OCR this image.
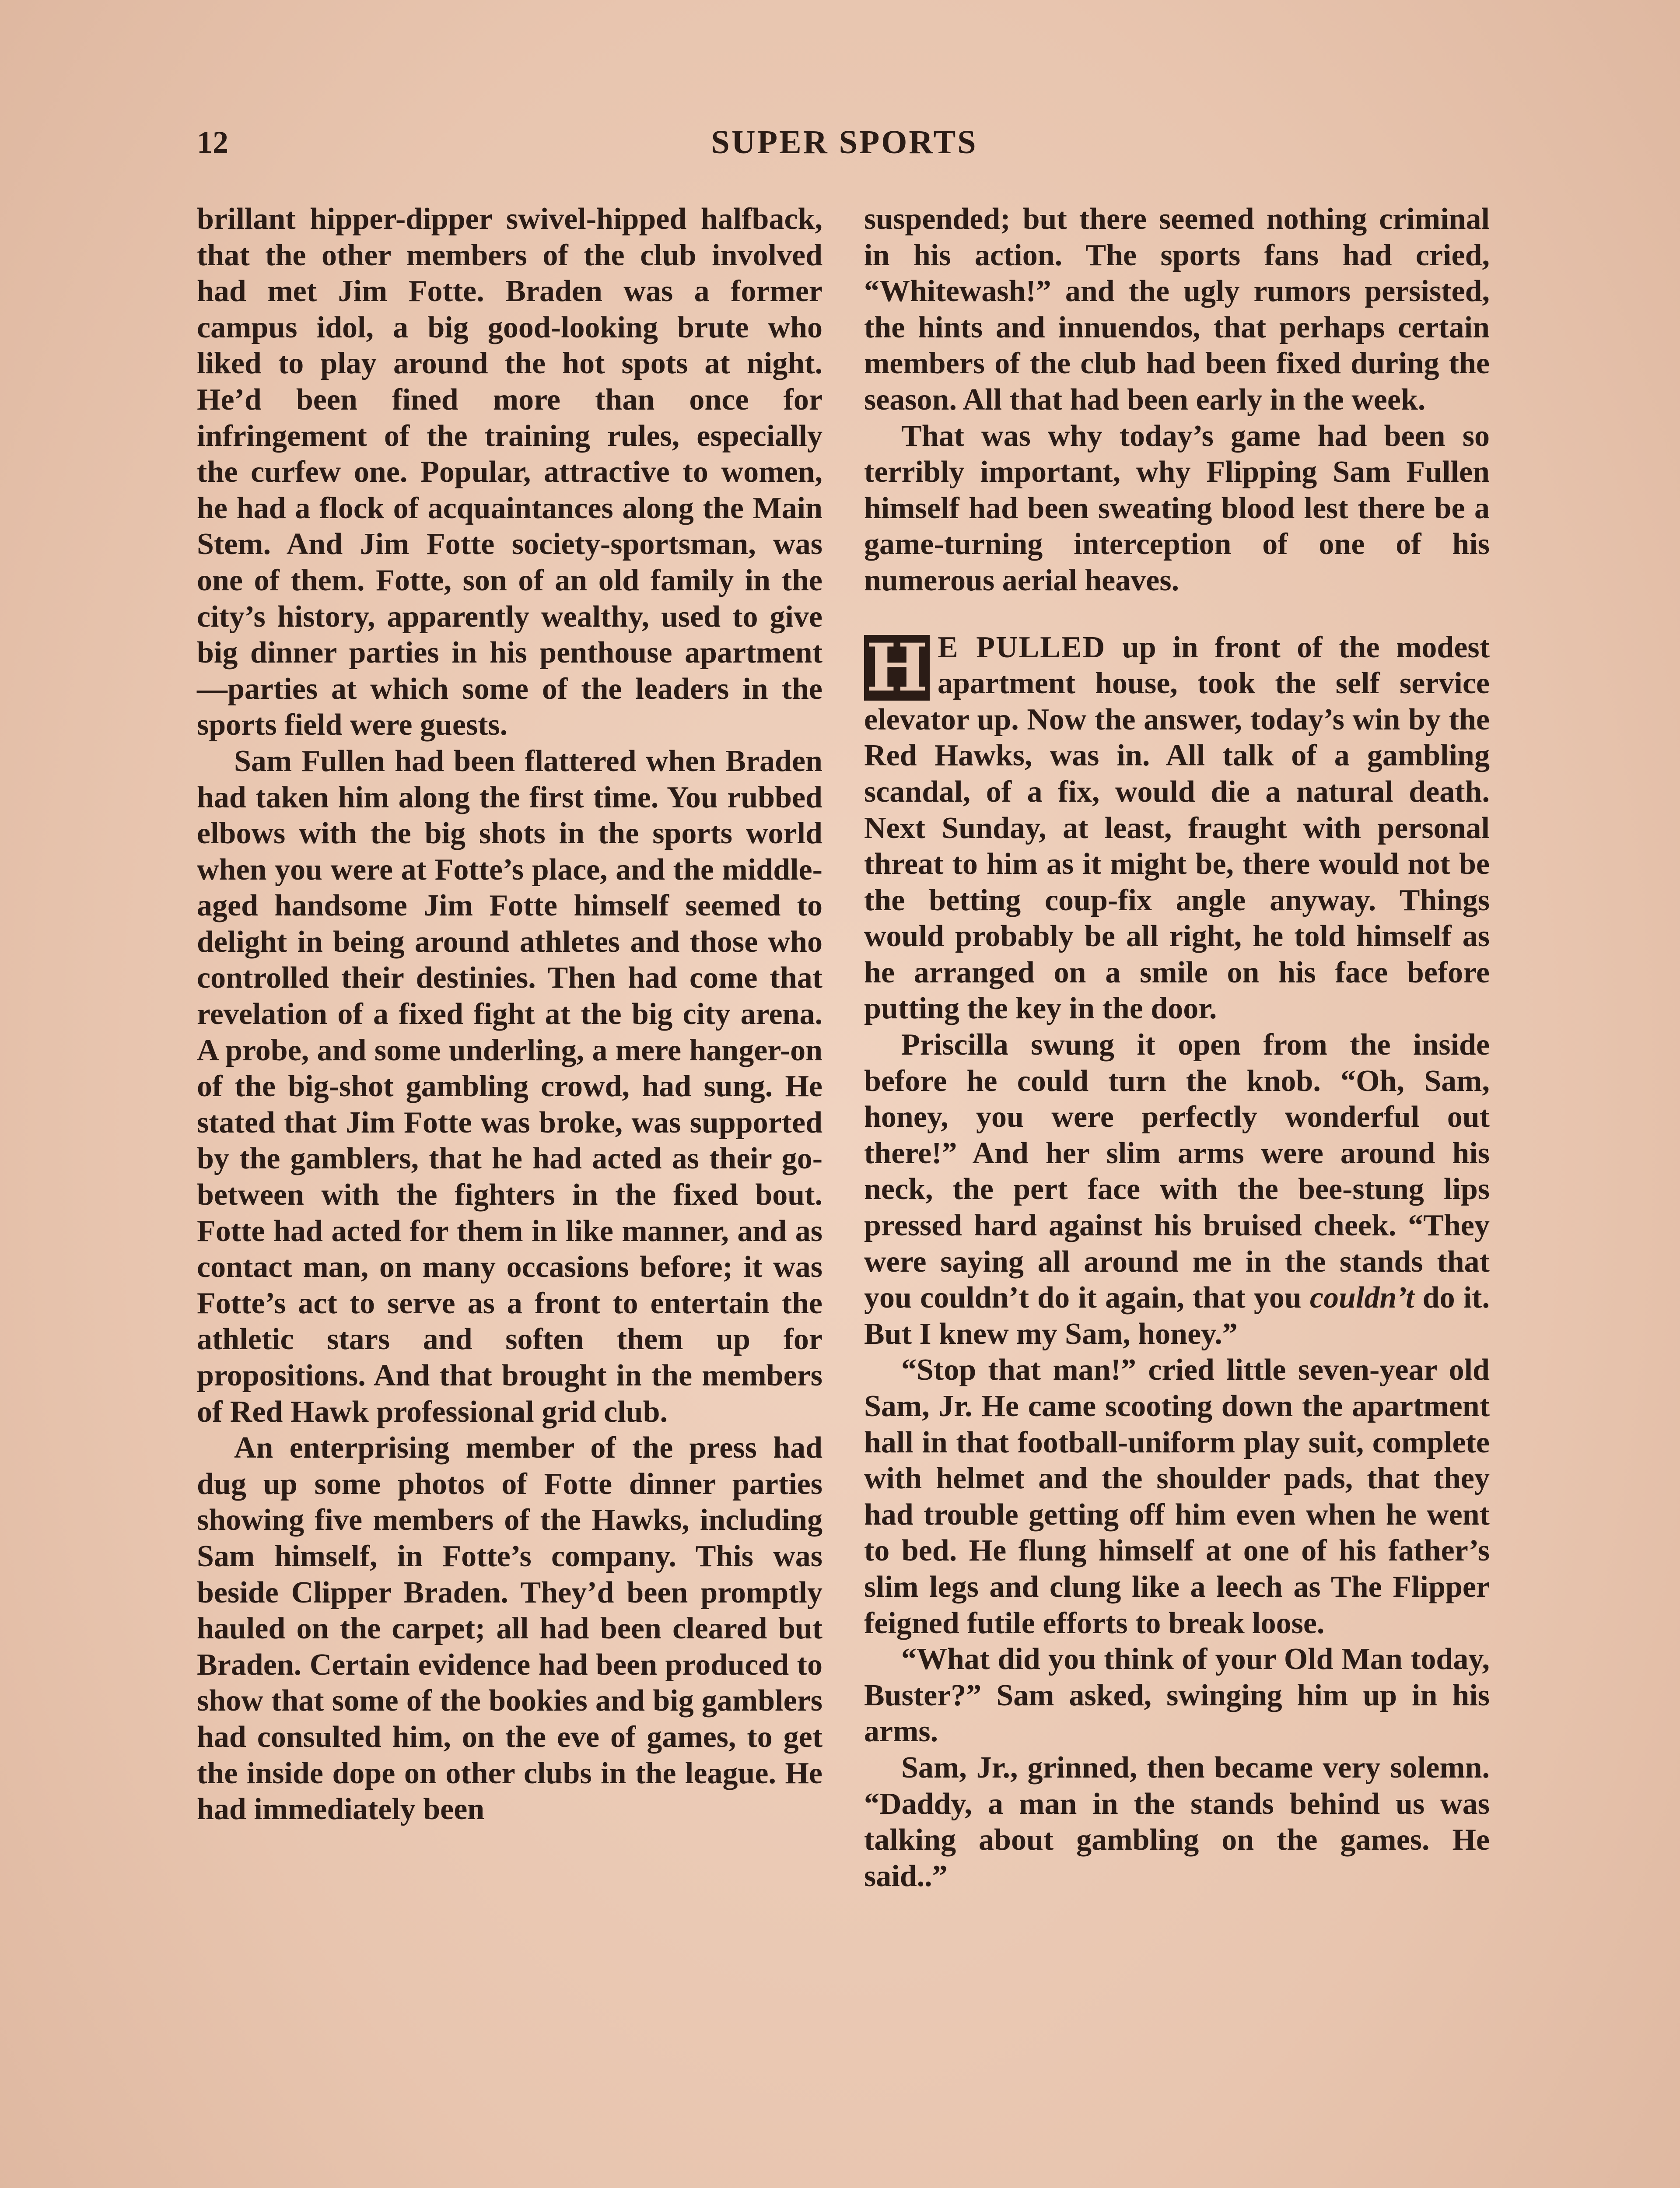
12	SUPER SPORTS

brillant hipper-dipper swivel-hipped halfback, that the other members of the club involved had met Jim Fotte. Braden was a former campus idol, a big good-looking brute who liked to play around the hot spots at night. He’d been fined more than once for infringement of the training rules, especially the curfew one. Popular, attractive to women, he had a flock of acquaintances along the Main Stem. And Jim Fotte society-sportsman, was one of them. Fotte, son of an old family in the city’s history, apparently wealthy, used to give big dinner parties in his penthouse apartment—parties at which some of the leaders in the sports field were guests.

Sam Fullen had been flattered when Braden had taken him along the first time. You rubbed elbows with the big shots in the sports world when you were at Fotte’s place, and the middle-aged handsome Jim Fotte himself seemed to delight in being around athletes and those who controlled their destinies. Then had come that revelation of a fixed fight at the big city arena. A probe, and some underling, a mere hanger-on of the big-shot gambling crowd, had sung. He stated that Jim Fotte was broke, was supported by the gamblers, that he had acted as their go-between with the fighters in the fixed bout. Fotte had acted for them in like manner, and as contact man, on many occasions before; it was Fotte’s act to serve as a front to entertain the athletic stars and soften them up for propositions. And that brought in the members of Red Hawk professional grid club.

An enterprising member of the press had dug up some photos of Fotte dinner parties showing five members of the Hawks, including Sam himself, in Fotte’s company. This was beside Clipper Braden. They’d been promptly hauled on the carpet; all had been cleared but Braden. Certain evidence had been produced to show that some of the bookies and big gamblers had consulted him, on the eve of games, to get the inside dope on other clubs in the league. He had immediately been

suspended; but there seemed nothing criminal in his action. The sports fans had cried, “Whitewash!” and the ugly rumors persisted, the hints and innuendos, that perhaps certain members of the club had been fixed during the season. All that had been early in the week.

That was why today’s game had been so terribly important, why Flipping Sam Fullen himself had been sweating blood lest there be a game-turning interception of one of his numerous aerial heaves.

H E PULLED up in front of the modest apartment house, took the self service elevator up. Now the answer, today’s win by the Red Hawks, was in. All talk of a gambling scandal, of a fix, would die a natural death. Next Sunday, at least, fraught with personal threat to him as it might be, there would not be the betting coup-fix angle anyway. Things would probably be all right, he told himself as he arranged on a smile on his face before putting the key in the door.

Priscilla swung it open from the inside before he could turn the knob. “Oh, Sam, honey, you were perfectly wonderful out there!” And her slim arms were around his neck, the pert face with the bee-stung lips pressed hard against his bruised cheek. “They were saying all around me in the stands that you couldn’t do it again, that you couldn’t do it. But I knew my Sam, honey.”

“Stop that man!” cried little seven-year old Sam, Jr. He came scooting down the apartment hall in that football-uniform play suit, complete with helmet and the shoulder pads, that they had trouble getting off him even when he went to bed. He flung himself at one of his father’s slim legs and clung like a leech as The Flipper feigned futile efforts to break loose.

“What did you think of your Old Man today, Buster?” Sam asked, swinging him up in his arms.

Sam, Jr., grinned, then became very solemn. “Daddy, a man in the stands behind us was talking about gambling on the games. He said..”
